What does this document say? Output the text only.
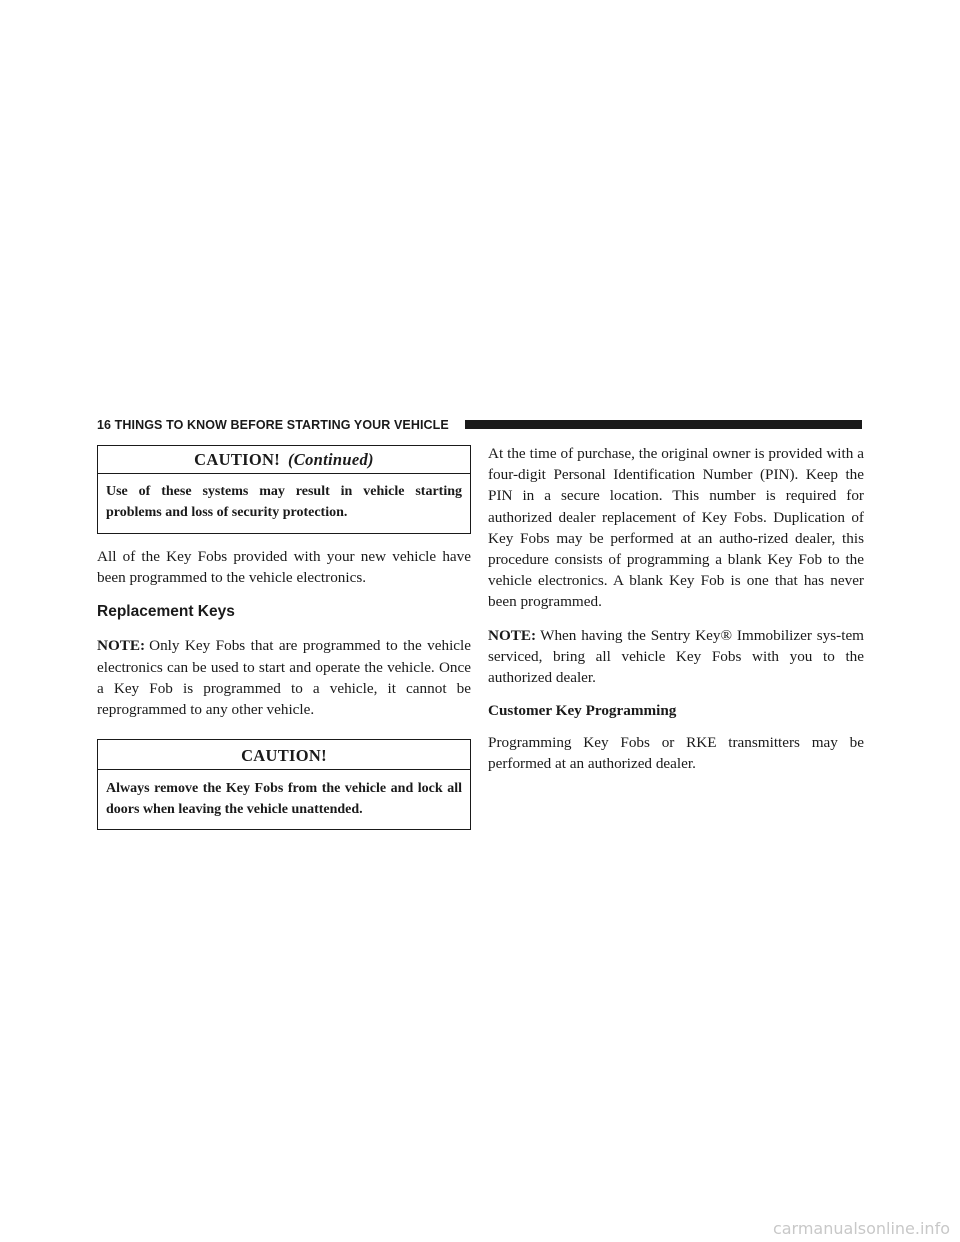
16 THINGS TO KNOW BEFORE STARTING YOUR VEHICLE
CAUTION! (Continued)
Use of these systems may result in vehicle starting problems and loss of security protection.

All of the Key Fobs provided with your new vehicle have been programmed to the vehicle electronics.

Replacement Keys

NOTE: Only Key Fobs that are programmed to the vehicle electronics can be used to start and operate the vehicle. Once a Key Fob is programmed to a vehicle, it cannot be reprogrammed to any other vehicle.

CAUTION!
Always remove the Key Fobs from the vehicle and lock all doors when leaving the vehicle unattended.

At the time of purchase, the original owner is provided with a four-digit Personal Identification Number (PIN). Keep the PIN in a secure location. This number is required for authorized dealer replacement of Key Fobs. Duplication of Key Fobs may be performed at an autho-rized dealer, this procedure consists of programming a blank Key Fob to the vehicle electronics. A blank Key Fob is one that has never been programmed.

NOTE: When having the Sentry Key® Immobilizer sys-tem serviced, bring all vehicle Key Fobs with you to the authorized dealer.

Customer Key Programming

Programming Key Fobs or RKE transmitters may be performed at an authorized dealer.

carmanualsonline.info
